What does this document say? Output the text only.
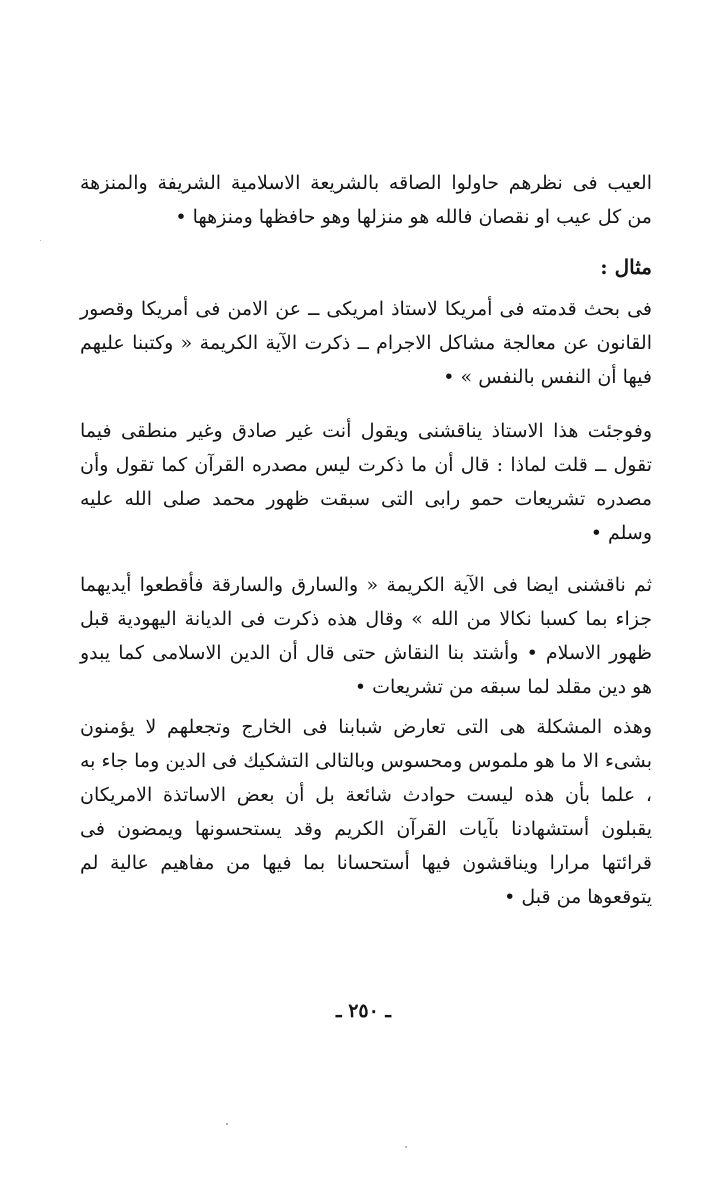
العيب فى نظرهم حاولوا الصاقه بالشريعة الاسلامية الشريفة والمنزهة من كل عيب او نقصان فالله هو منزلها وهو حافظها ومنزهها •

مثال :

فى بحث قدمته فى أمريكا لاستاذ امريكى ــ عن الامن فى أمريكا وقصور القانون عن معالجة مشاكل الاجرام ــ ذكرت الآية الكريمة « وكتبنا عليهم فيها أن النفس بالنفس » •

وفوجئت هذا الاستاذ يناقشنى ويقول أنت غير صادق وغير منطقى فيما تقول ــ قلت لماذا : قال أن ما ذكرت ليس مصدره القرآن كما تقول وأن مصدره تشريعات حمو رابى التى سبقت ظهور محمد صلى الله عليه وسلم •

ثم ناقشنى ايضا فى الآية الكريمة « والسارق والسارقة فأقطعوا أيديهما جزاء بما كسبا نكالا من الله » وقال هذه ذكرت فى الديانة اليهودية قبل ظهور الاسلام • وأشتد بنا النقاش حتى قال أن الدين الاسلامى كما يبدو هو دين مقلد لما سبقه من تشريعات •

وهذه المشكلة هى التى تعارض شبابنا فى الخارج وتجعلهم لا يؤمنون بشىء الا ما هو ملموس ومحسوس وبالتالى التشكيك فى الدين وما جاء به ، علما بأن هذه ليست حوادث شائعة بل أن بعض الاساتذة الامريكان يقبلون أستشهادنا بآيات القرآن الكريم وقد يستحسونها ويمضون فى قرائتها مرارا ويناقشون فيها أستحسانا بما فيها من مفاهيم عالية لم يتوقعوها من قبل •

ـ ٢٥٠ ـ
